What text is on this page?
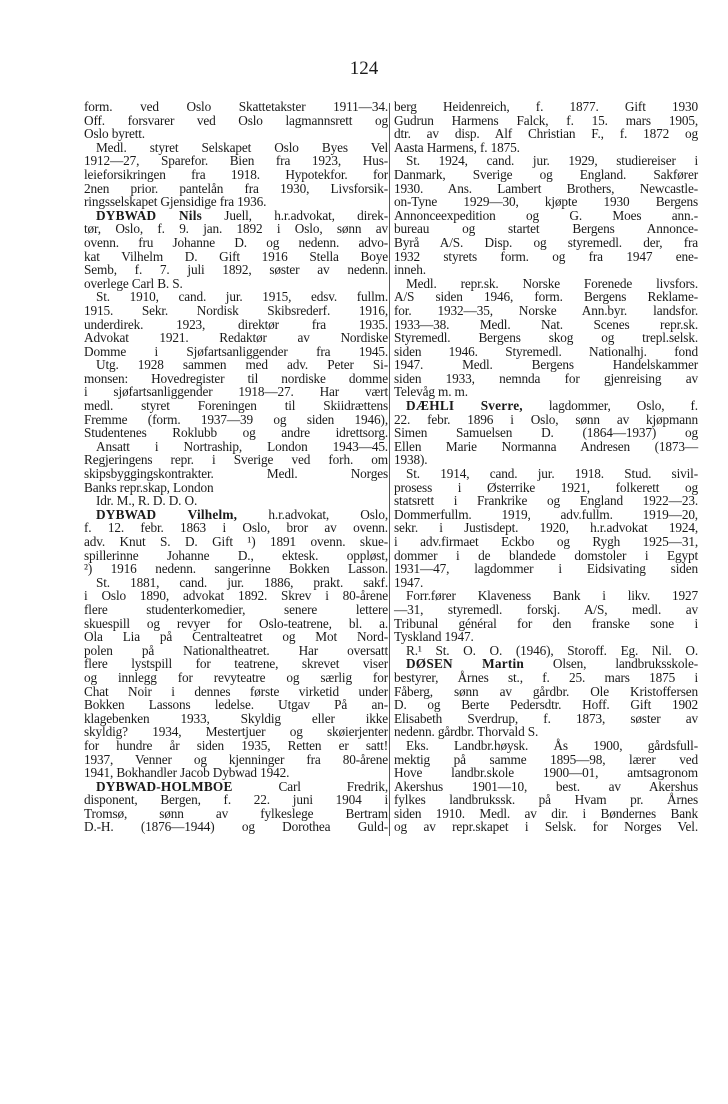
124
form. ved Oslo Skattetakster 1911—34.
Off. forsvarer ved Oslo lagmannsrett og
Oslo byrett.
Medl. styret Selskapet Oslo Byes Vel
1912—27, Sparefor. Bien fra 1923, Hus-
leieforsikringen fra 1918. Hypotekfor. for
2nen prior. pantelån fra 1930, Livsforsik-
ringsselskapet Gjensidige fra 1936.
DYBWAD Nils Juell, h.r.advokat, direk-
tør, Oslo, f. 9. jan. 1892 i Oslo, sønn av
ovenn. fru Johanne D. og nedenn. advo-
kat Vilhelm D. Gift 1916 Stella Boye
Semb, f. 7. juli 1892, søster av nedenn.
overlege Carl B. S.
St. 1910, cand. jur. 1915, edsv. fullm.
1915. Sekr. Nordisk Skibsrederf. 1916,
underdirek. 1923, direktør fra 1935.
Advokat 1921. Redaktør av Nordiske
Domme i Sjøfartsanliggender fra 1945.
Utg. 1928 sammen med adv. Peter Si-
monsen: Hovedregister til nordiske domme
i sjøfartsanliggender 1918—27. Har vært
medl. styret Foreningen til Skiidrættens
Fremme (form. 1937—39 og siden 1946),
Studentenes Roklubb og andre idrettsorg.
Ansatt i Nortraship, London 1943—45.
Regjeringens repr. i Sverige ved forh. om
skipsbyggingskontrakter. Medl. Norges
Banks repr.skap, London
Idr. M., R. D. D. O.
DYBWAD Vilhelm, h.r.advokat, Oslo,
f. 12. febr. 1863 i Oslo, bror av ovenn.
adv. Knut S. D. Gift ¹) 1891 ovenn. skue-
spillerinne Johanne D., ektesk. oppløst,
²) 1916 nedenn. sangerinne Bokken Lasson.
St. 1881, cand. jur. 1886, prakt. sakf.
i Oslo 1890, advokat 1892. Skrev i 80-årene
flere studenterkomedier, senere lettere
skuespill og revyer for Oslo-teatrene, bl. a.
Ola Lia på Centralteatret og Mot Nord-
polen på Nationaltheatret. Har oversatt
flere lystspill for teatrene, skrevet viser
og innlegg for revyteatre og særlig for
Chat Noir i dennes første virketid under
Bokken Lassons ledelse. Utgav På an-
klagebenken 1933, Skyldig eller ikke
skyldig? 1934, Mestertjuer og skøierjenter
for hundre år siden 1935, Retten er satt!
1937, Venner og kjenninger fra 80-årene
1941, Bokhandler Jacob Dybwad 1942.
DYBWAD-HOLMBOE Carl Fredrik,
disponent, Bergen, f. 22. juni 1904 i
Tromsø, sønn av fylkeslege Bertram
D.-H. (1876—1944) og Dorothea Guld-
berg Heidenreich, f. 1877. Gift 1930
Gudrun Harmens Falck, f. 15. mars 1905,
dtr. av disp. Alf Christian F., f. 1872 og
Aasta Harmens, f. 1875.
St. 1924, cand. jur. 1929, studiereiser i
Danmark, Sverige og England. Sakfører
1930. Ans. Lambert Brothers, Newcastle-
on-Tyne 1929—30, kjøpte 1930 Bergens
Annonceexpedition og G. Moes ann.-
bureau og startet Bergens Annonce-
Byrå A/S. Disp. og styremedl. der, fra
1932 styrets form. og fra 1947 ene-
inneh.
Medl. repr.sk. Norske Forenede livsfors.
A/S siden 1946, form. Bergens Reklame-
for. 1932—35, Norske Ann.byr. landsfor.
1933—38. Medl. Nat. Scenes repr.sk.
Styremedl. Bergens skog og trepl.selsk.
siden 1946. Styremedl. Nationalhj. fond
1947. Medl. Bergens Handelskammer
siden 1933, nemnda for gjenreising av
Televåg m. m.
DÆHLI Sverre, lagdommer, Oslo, f.
22. febr. 1896 i Oslo, sønn av kjøpmann
Simen Samuelsen D. (1864—1937) og
Ellen Marie Normanna Andresen (1873—
1938).
St. 1914, cand. jur. 1918. Stud. sivil-
prosess i Østerrike 1921, folkerett og
statsrett i Frankrike og England 1922—23.
Dommerfullm. 1919, adv.fullm. 1919—20,
sekr. i Justisdept. 1920, h.r.advokat 1924,
i adv.firmaet Eckbo og Rygh 1925—31,
dommer i de blandede domstoler i Egypt
1931—47, lagdommer i Eidsivating siden
1947.
Forr.fører Klaveness Bank i likv. 1927
—31, styremedl. forskj. A/S, medl. av
Tribunal général for den franske sone i
Tyskland 1947.
R.¹ St. O. O. (1946), Storoff. Eg. Nil. O.
DØSEN Martin Olsen, landbruksskole-
bestyrer, Årnes st., f. 25. mars 1875 i
Fåberg, sønn av gårdbr. Ole Kristoffersen
D. og Berte Pedersdtr. Hoff. Gift 1902
Elisabeth Sverdrup, f. 1873, søster av
nedenn. gårdbr. Thorvald S.
Eks. Landbr.høysk. Ås 1900, gårdsfull-
mektig på samme 1895—98, lærer ved
Hove landbr.skole 1900—01, amtsagronom
Akershus 1901—10, best. av Akershus
fylkes landbrukssk. på Hvam pr. Årnes
siden 1910. Medl. av dir. i Bøndernes Bank
og av repr.skapet i Selsk. for Norges Vel.
